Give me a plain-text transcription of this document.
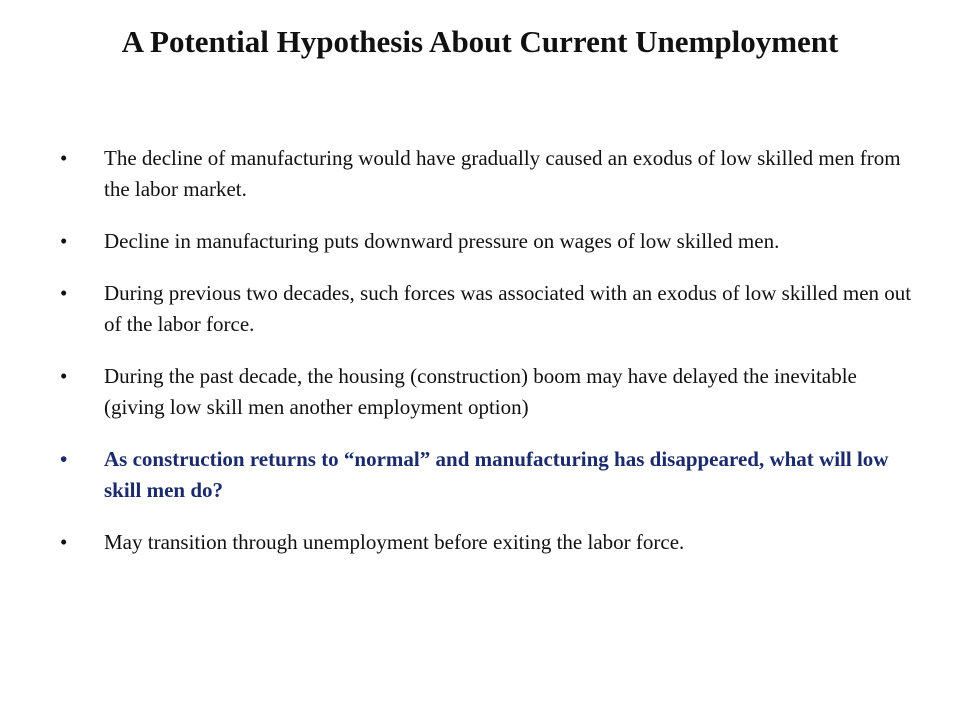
A Potential Hypothesis About Current Unemployment
•	The decline of manufacturing would have gradually caused an exodus of low skilled men from the labor market.
•	Decline in manufacturing puts downward pressure on wages of low skilled men.
•	During previous two decades, such forces was associated with an exodus of low skilled men out of the labor force.
•	During the past decade, the housing (construction) boom may have delayed the inevitable (giving low skill men another employment option)
•	As construction returns to “normal” and manufacturing has disappeared, what will low skill men do?
•	May transition through unemployment before exiting the labor force.
